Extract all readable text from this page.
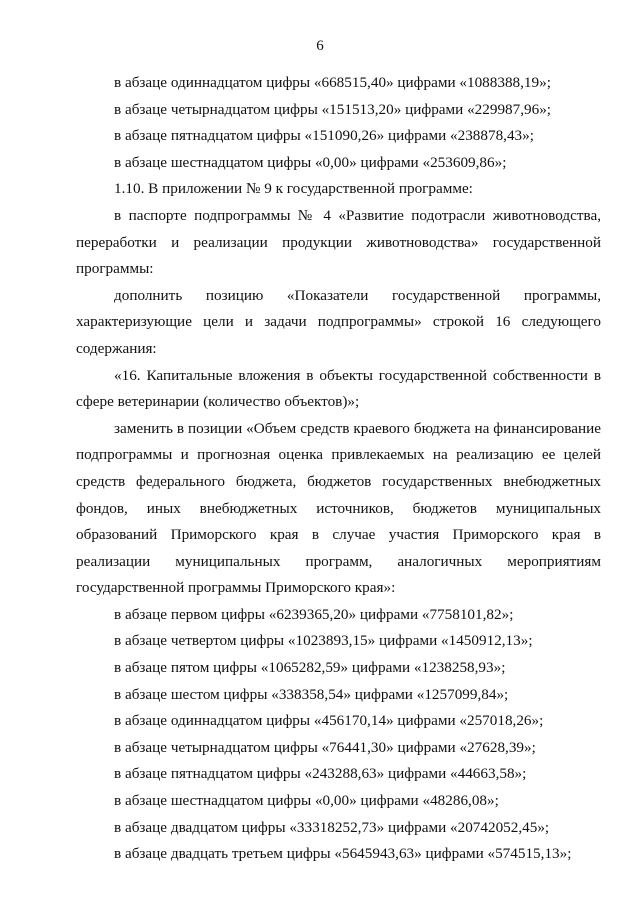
6

в абзаце одиннадцатом цифры «668515,40» цифрами «1088388,19»;

в абзаце четырнадцатом цифры «151513,20» цифрами «229987,96»;

в абзаце пятнадцатом цифры «151090,26» цифрами «238878,43»;

в абзаце шестнадцатом цифры «0,00» цифрами «253609,86»;

1.10. В приложении № 9 к государственной программе:

в паспорте подпрограммы № 4 «Развитие подотрасли животноводства, переработки и реализации продукции животноводства» государственной программы:

дополнить позицию «Показатели государственной программы, характеризующие цели и задачи подпрограммы» строкой 16 следующего содержания:

«16. Капитальные вложения в объекты государственной собственности в сфере ветеринарии (количество объектов)»;

заменить в позиции «Объем средств краевого бюджета на финансирование подпрограммы и прогнозная оценка привлекаемых на реализацию ее целей средств федерального бюджета, бюджетов государственных внебюджетных фондов, иных внебюджетных источников, бюджетов муниципальных образований Приморского края в случае участия Приморского края в реализации муниципальных программ, аналогичных мероприятиям государственной программы Приморского края»:

в абзаце первом цифры «6239365,20» цифрами «7758101,82»;

в абзаце четвертом цифры «1023893,15» цифрами «1450912,13»;

в абзаце пятом цифры «1065282,59» цифрами «1238258,93»;

в абзаце шестом цифры «338358,54» цифрами «1257099,84»;

в абзаце одиннадцатом цифры «456170,14» цифрами «257018,26»;

в абзаце четырнадцатом цифры «76441,30» цифрами «27628,39»;

в абзаце пятнадцатом цифры «243288,63» цифрами «44663,58»;

в абзаце шестнадцатом цифры «0,00» цифрами «48286,08»;

в абзаце двадцатом цифры «33318252,73» цифрами «20742052,45»;

в абзаце двадцать третьем цифры «5645943,63» цифрами «574515,13»;
